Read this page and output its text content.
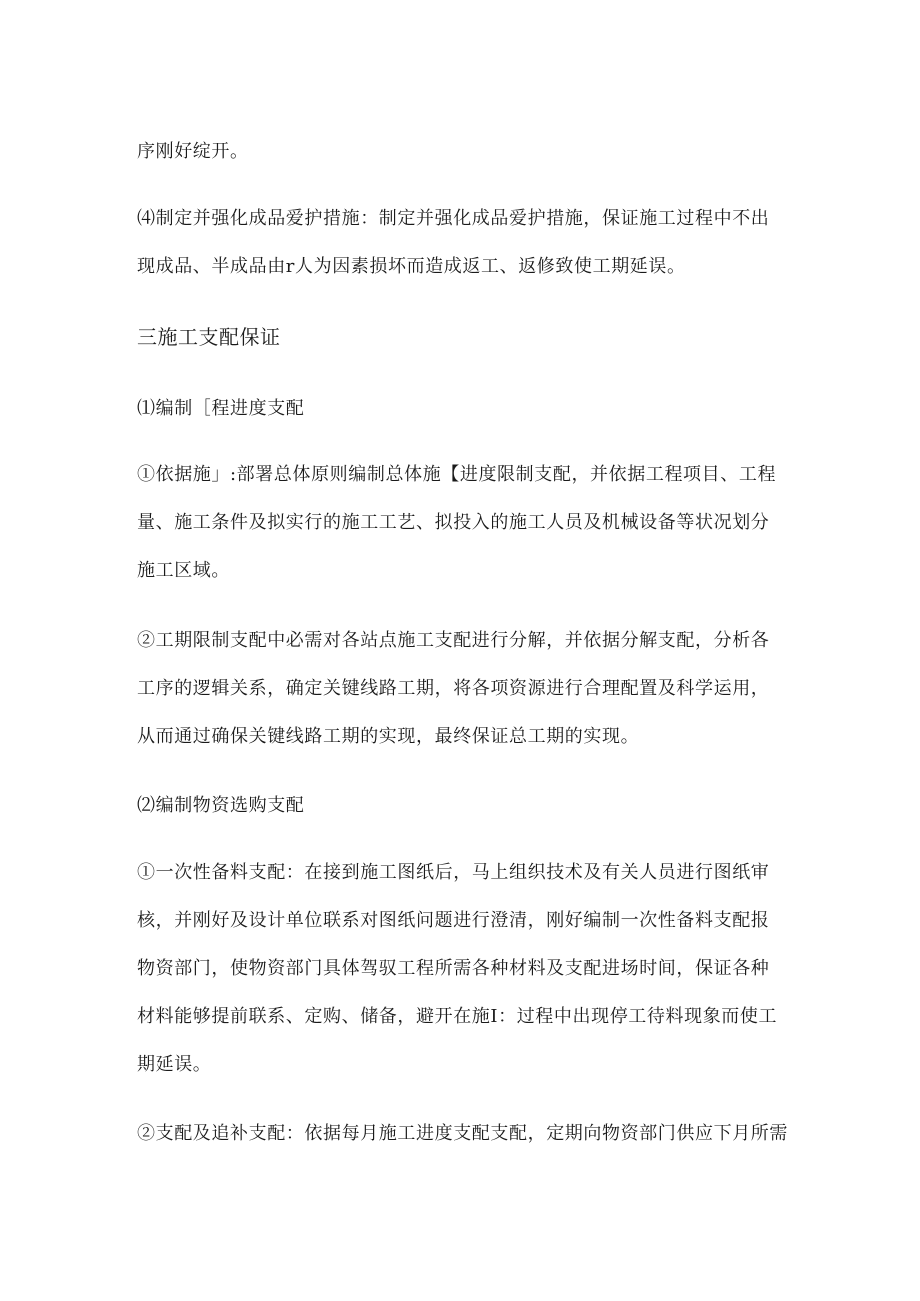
序刚好绽开。
⑷制定并强化成品爱护措施：制定并强化成品爱护措施，保证施工过程中不出
现成品、半成品由r人为因素损坏而造成返工、返修致使工期延误。
三施工支配保证
⑴编制［程进度支配
①依据施」:部署总体原则编制总体施【进度限制支配，并依据工程项目、工程
量、施工条件及拟实行的施工工艺、拟投入的施工人员及机械设备等状况划分
施工区域。
②工期限制支配中必需对各站点施工支配进行分解，并依据分解支配，分析各
工序的逻辑关系，确定关键线路工期，将各项资源进行合理配置及科学运用，
从而通过确保关键线路工期的实现，最终保证总工期的实现。
⑵编制物资选购支配
①一次性备料支配：在接到施工图纸后，马上组织技术及有关人员进行图纸审
核，并刚好及设计单位联系对图纸问题进行澄清，刚好编制一次性备料支配报
物资部门，使物资部门具体驾驭工程所需各种材料及支配进场时间，保证各种
材料能够提前联系、定购、储备，避开在施I：过程中出现停工待料现象而使工
期延误。
②支配及追补支配：依据每月施工进度支配支配，定期向物资部门供应下月所需
